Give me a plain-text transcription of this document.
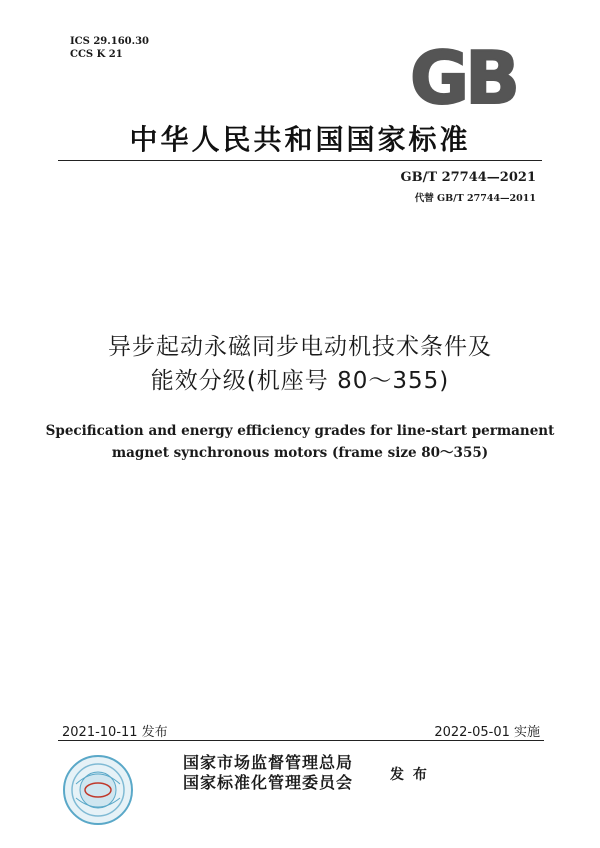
ICS 29.160.30
CCS K 21	GB
中华人民共和国国家标准
GB/T 27744—2021
代替 GB/T 27744—2011
异步起动永磁同步电动机技术条件及
能效分级(机座号 80～355)
Specification and energy efficiency grades for line-start permanent
magnet synchronous motors (frame size 80～355)
2021-10-11 发布	2022-05-01 实施
国家市场监督管理总局
国家标准化管理委员会	发 布
